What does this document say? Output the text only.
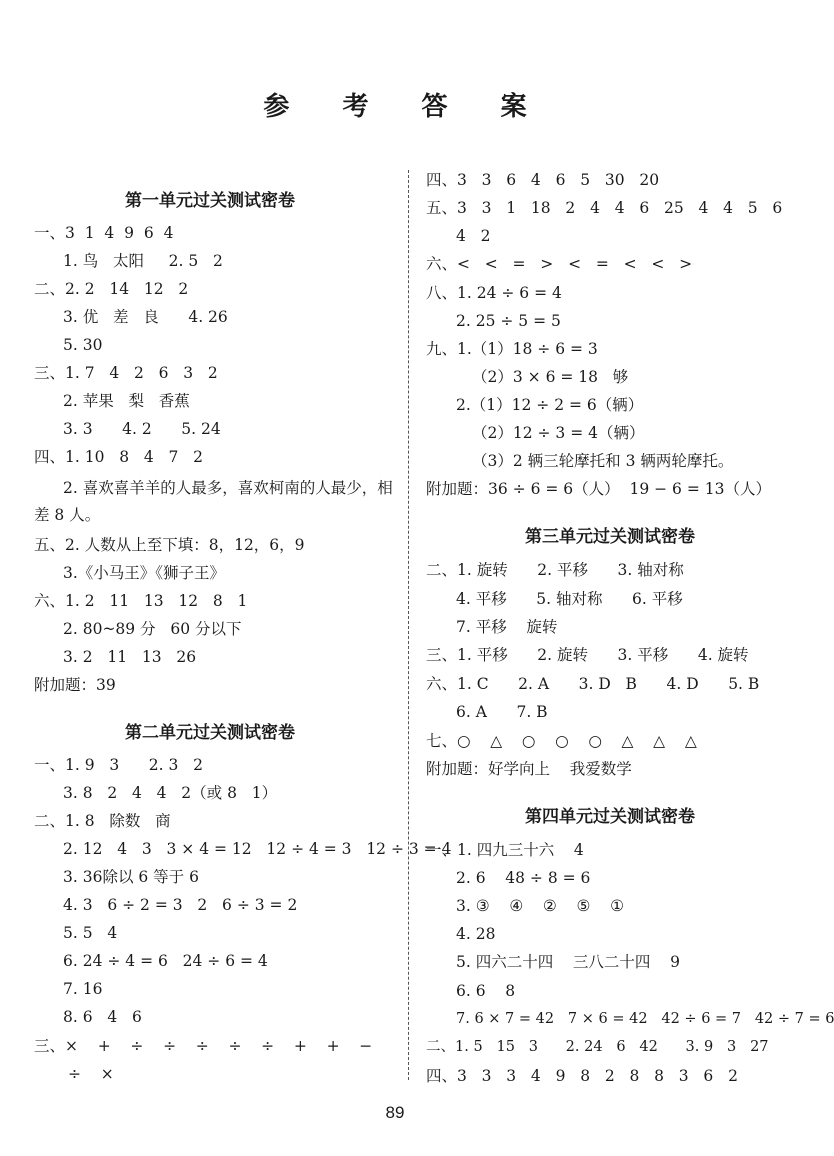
参 考 答 案
第一单元过关测试密卷
一、3  1  4  9  6  4
1. 鸟   太阳     2. 5   2
二、2. 2   14   12   2
3. 优   差   良      4. 26
5. 30
三、1. 7   4   2   6   3   2
2. 苹果   梨   香蕉
3. 3      4. 2      5. 24
四、1. 10   8   4   7   2
2. 喜欢喜羊羊的人最多，喜欢柯南的人最少，相
差 8 人。
五、2. 人数从上至下填：8，12，6，9
3.《小马王》《狮子王》
六、1. 2   11   13   12   8   1
2. 80~89 分   60 分以下
3. 2   11   13   26
附加题：39
第二单元过关测试密卷
一、1. 9   3      2. 3   2
3. 8   2   4   4   2（或 8   1）
二、1. 8   除数   商
2. 12   4   3   3 × 4 = 12   12 ÷ 4 = 3   12 ÷ 3 = 4
3. 36除以 6 等于 6
4. 3   6 ÷ 2 = 3   2   6 ÷ 3 = 2
5. 5   4
6. 24 ÷ 4 = 6   24 ÷ 6 = 4
7. 16
8. 6   4   6
三、×    +    ÷    ÷    ÷    ÷    ÷    +    +    −
÷    ×
四、3   3   6   4   6   5   30   20
五、3   3   1   18   2   4   4   6   25   4   4   5   6
4   2
六、<   <   =   >   <   =   <   <   >
八、1. 24 ÷ 6 = 4
2. 25 ÷ 5 = 5
九、1.（1）18 ÷ 6 = 3
（2）3 × 6 = 18   够
2.（1）12 ÷ 2 = 6（辆）
（2）12 ÷ 3 = 4（辆）
（3）2 辆三轮摩托和 3 辆两轮摩托。
附加题：36 ÷ 6 = 6（人）  19 − 6 = 13（人）
第三单元过关测试密卷
二、1. 旋转      2. 平移      3. 轴对称
4. 平移      5. 轴对称      6. 平移
7. 平移    旋转
三、1. 平移      2. 旋转      3. 平移      4. 旋转
六、1. C      2. A      3. D   B      4. D      5. B
6. A      7. B
七、○    △    ○    ○    ○    △    △    △
附加题：好学向上    我爱数学
第四单元过关测试密卷
一、1. 四九三十六    4
2. 6    48 ÷ 8 = 6
3. ③    ④    ②    ⑤    ①
4. 28
5. 四六二十四    三八二十四    9
6. 6    8
7. 6 × 7 = 42   7 × 6 = 42   42 ÷ 6 = 7   42 ÷ 7 = 6
二、1. 5   15   3      2. 24   6   42      3. 9   3   27
四、3   3   3   4   9   8   2   8   8   3   6   2
89
